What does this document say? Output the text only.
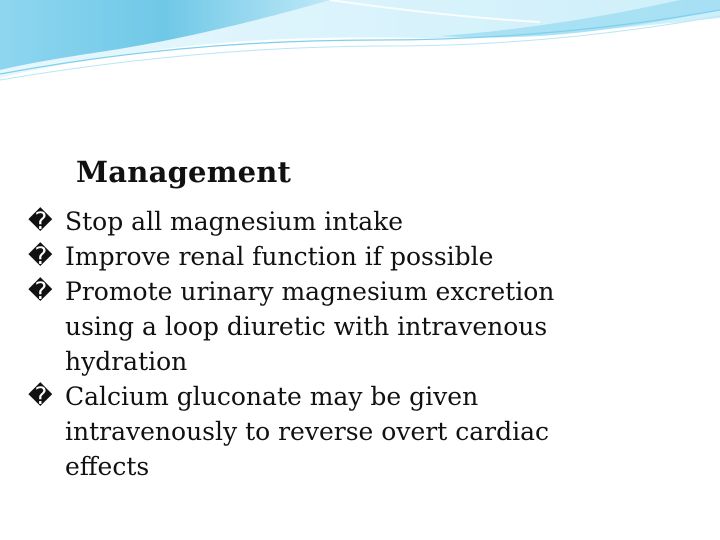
Management
� Stop all magnesium intake
� Improve renal function if possible
� Promote urinary magnesium excretion
using a loop diuretic with intravenous
hydration
� Calcium gluconate may be given
intravenously to reverse overt cardiac
effects
